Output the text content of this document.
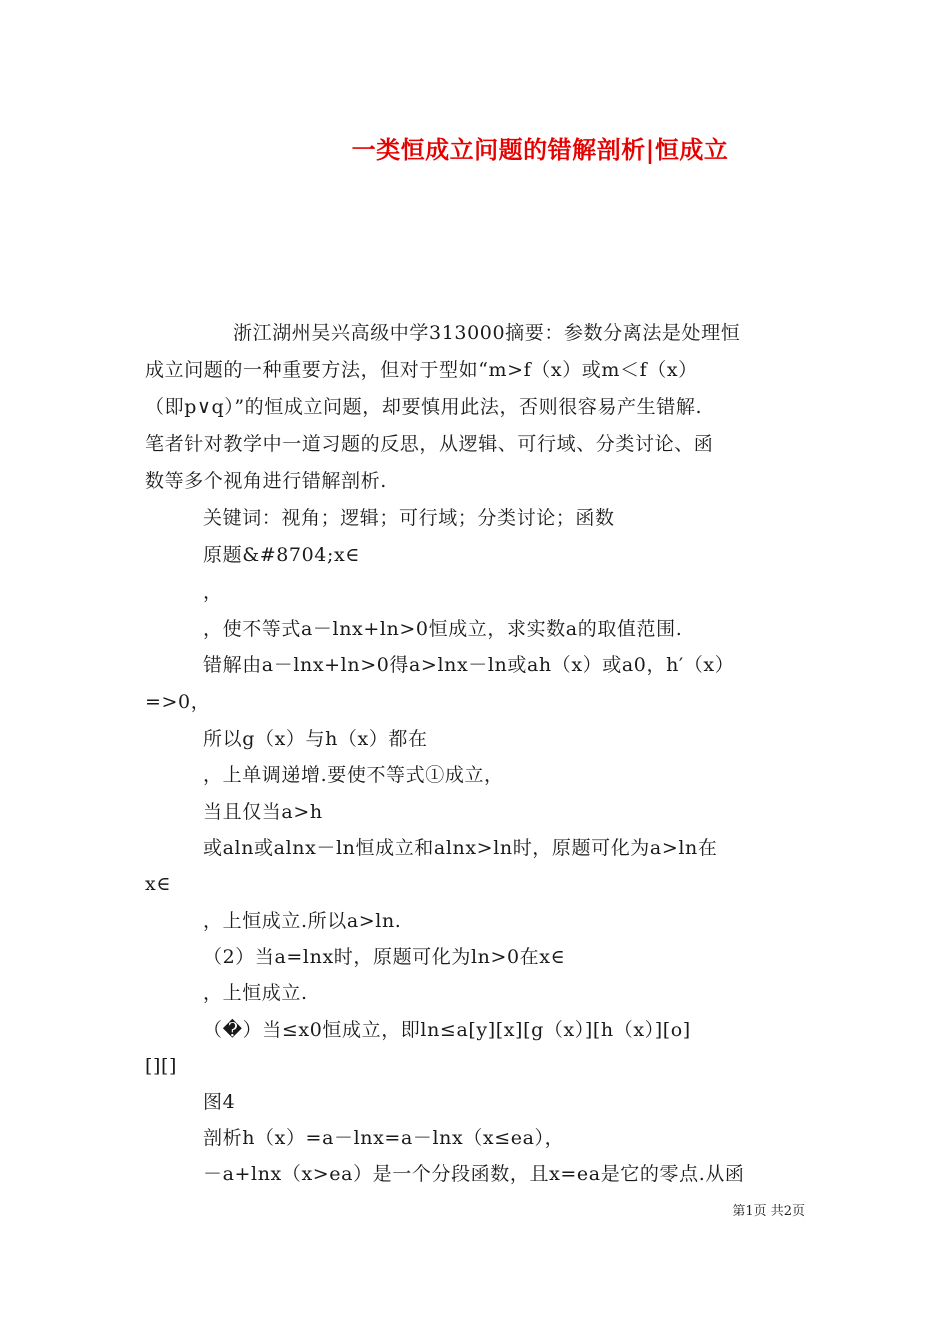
一类恒成立问题的错解剖析|恒成立
浙江湖州吴兴高级中学313000摘要：参数分离法是处理恒
成立问题的一种重要方法，但对于型如“m>f（x）或m＜f（x）
（即p∨q）”的恒成立问题，却要慎用此法，否则很容易产生错解.
笔者针对教学中一道习题的反思，从逻辑、可行域、分类讨论、函
数等多个视角进行错解剖析.
关键词：视角；逻辑；可行域；分类讨论；函数
原题&#8704;x∈
，
，使不等式a－lnx+ln>0恒成立，求实数a的取值范围.
错解由a－lnx+ln>0得a>lnx－ln或ah（x）或a0，h′（x）
=>0，
所以g（x）与h（x）都在
，上单调递增.要使不等式①成立，
当且仅当a>h
或aln或alnx－ln恒成立和alnx>ln时，原题可化为a>ln在
x∈
，上恒成立.所以a>ln.
（2）当a=lnx时，原题可化为ln>0在x∈
，上恒成立.
（�）当≤x0恒成立，即ln≤a[y][x][g（x）][h（x）][o]
[][]
图4
剖析h（x）=a－lnx=a－lnx（x≤ea），
－a+lnx（x>ea）是一个分段函数，且x=ea是它的零点.从函
第1页 共2页
